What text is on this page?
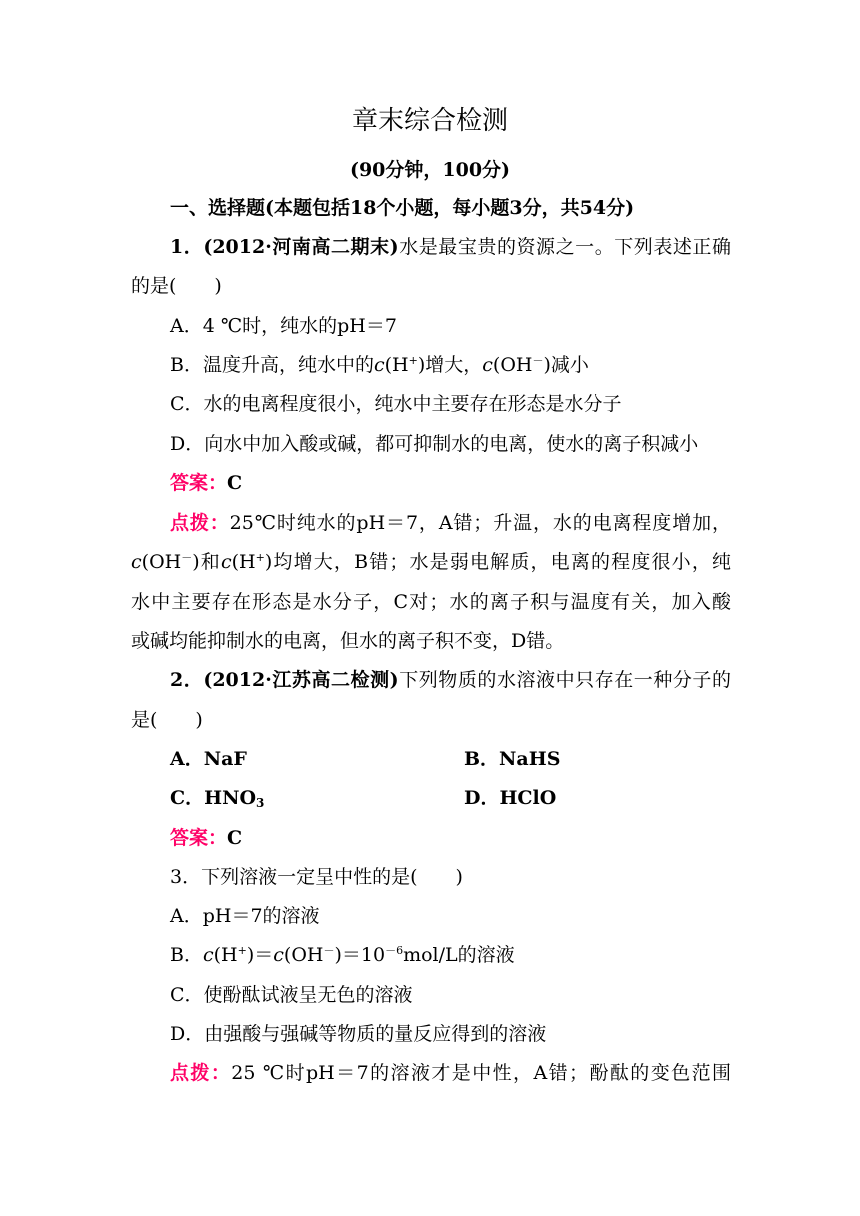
章末综合检测
(90分钟，100分)
一、选择题(本题包括18个小题，每小题3分，共54分)
1．(2012·河南高二期末)水是最宝贵的资源之一。下列表述正确
的是(　　)
A．4 ℃时，纯水的pH＝7
B．温度升高，纯水中的c(H+)增大，c(OH－)减小
C．水的电离程度很小，纯水中主要存在形态是水分子
D．向水中加入酸或碱，都可抑制水的电离，使水的离子积减小
答案：C
点拨：25℃时纯水的pH＝7，A错；升温，水的电离程度增加，
c(OH－)和c(H+)均增大，B错；水是弱电解质，电离的程度很小，纯
水中主要存在形态是水分子，C对；水的离子积与温度有关，加入酸
或碱均能抑制水的电离，但水的离子积不变，D错。
2．(2012·江苏高二检测)下列物质的水溶液中只存在一种分子的
是(　　)
A．NaF	B．NaHS
C．$HNO_3$	D．HClO
答案：C
3．下列溶液一定呈中性的是(　　)
A．pH＝7的溶液
B．$c(H^+)=c(OH^-)=10^{-6}mol/L$的溶液
C．使酚酞试液呈无色的溶液
D．由强酸与强碱等物质的量反应得到的溶液
点拨：25 ℃时pH＝7的溶液才是中性，A错；酚酞的变色范围
